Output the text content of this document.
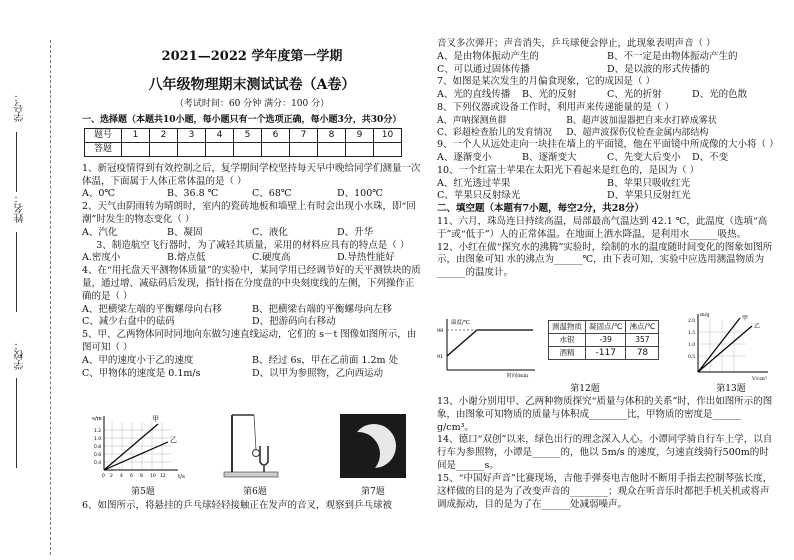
学号：
姓名：
学校：
2021—2022 学年度第一学期
八年级物理期末测试试卷（A卷）
（考试时间：60 分钟 满分：100 分）

一、选择题（本题共10小题，每小题只有一个选项正确，每小题3分，共30分）

题号	1	2	3	4	5	6	7	8	9	10
答题										

1、新冠疫情得到有效控制之后，复学期间学校坚持每天早中晚给同学们测量一次体温，下面属于人体正常体温的是（ ）

A、0℃	B、36.8 ℃	C、68℃	D、100℃

2、天气由阴雨转为晴朗时，室内的瓷砖地板和墙壁上有时会出现小水珠，即“回潮”时发生的物态变化（ ）

A、汽化	B、凝固	C、液化	D、升华

3、制造航空飞行器时，为了减轻其质量，采用的材料应具有的特点是（ ）

A.密度小	B.熔点低	C.硬度高	D.导热性能好

4、在“用托盘天平测物体质量”的实验中，某同学用已经调节好的天平测铁块的质量，通过增、减砝码后发现，指针指在分度盘的中央刻度线的左侧，下列操作正确的是（ ）

A、把横梁左端的平衡螺母向右移	B、把横梁右端的平衡螺母向左移
C、减少右盘中的砝码	D、把游码向右移动

5、甲、乙两物体同时同地向东做匀速直线运动，它们的 s－t 图像如图所示，由图可知（ ）

A、甲的速度小于乙的速度	B、经过 6s，甲在乙前面 1.2m 处
C、甲物体的速度是 0.1m/s	D、以甲为参照物，乙向西运动
甲
乙
s/m
t/s
1.2
1.0
0.8
0.6
0.4
0 2 4 6 8 10 12
第5题	第6题	第7题

6、如图所示，将悬挂的乒乓球轻轻接触正在发声的音叉，观察到乒乓球被

音叉多次弹开；声音消失，乒乓球便会停止，此现象表明声音（ ）

A、是由物体振动产生的	B、不一定是由物体振动产生的
C、可以通过固体传播	D、是以波的形式传播的

7、如图是某次发生的月偏食现象，它的成因是（ ）

A、光的直线传播	B、光的反射	C、光的折射	D、光的色散

8、下列仪器或设备工作时，利用声来传递能量的是（ ）

A、声呐探测鱼群	B、超声波加湿器把自来水打碎成雾状
C、彩超检查胎儿的发育情况	D、超声波探伤仪检查金属内部结构

9、一个人从远处走向一块挂在墙上的平面镜，他在平面镜中所成像的大小将（ ）

A、逐渐变小	B、逐渐变大	C、先变大后变小	D、不变

10、一个红富士苹果在太阳光下看起来是红色的，是因为（ ）

A、红光透过苹果	B、苹果只吸收红光
C、苹果只反射绿光	D、苹果只反射红光

二、填空题（本题有7小题，每空2分，共28分）

11、六月，珠岛连日持续高温，局部最高气温达到 42.1 ℃，此温度（选填“高于”或“低于”）人的正常体温。在地面上洒水降温，是利用水______吸热。

12、小红在做“探究水的沸腾”实验时，绘制的水的温度随时间变化的图象如图所示，由图象可知 水的沸点为______℃，由下表可知，实验中应选用测温物质为______的温度计。

温度/℃
98
91
时间/min
测温物质	凝固点/℃	沸点/℃
水银	-39	357
酒精	-117	78
甲
乙
m/g
V/cm³
2.0
1.5
1.0
0.5
第12题	第13题

13、小谢分别用甲、乙两种物质探究“质量与体积的关系”时，作出如图所示的图象，由图象可知物质的质量与体积成________比，甲物质的密度是______ g/cm³。

14、德口“双创”以来，绿色出行的理念深入人心。小谭同学骑自行车上学，以自行车为参照物，小谭是______的，他以 5m/s 的速度，匀速直线骑行500m的时间是______s。

15、“中国好声音”比赛现场，吉他手弹奏电吉他时不断用手指去控制琴弦长度，这样做的目的是为了改变声音的________；观众在听音乐时都把手机关机或将声调成振动，目的是为了在______处减弱噪声。
